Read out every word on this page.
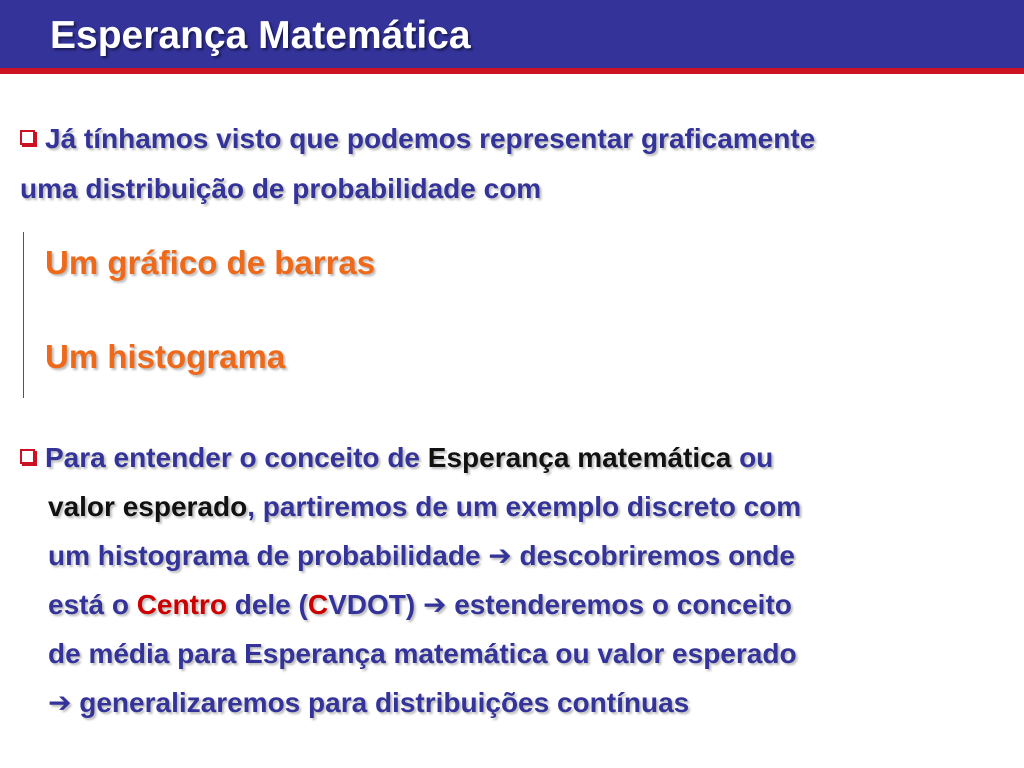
Esperança Matemática

Já tínhamos visto que podemos representar graficamente
uma distribuição de probabilidade com

Um gráfico de barras

Um histograma

Para entender o conceito de Esperança matemática ou
valor esperado, partiremos de um exemplo discreto com
um histograma de probabilidade ➔ descobriremos onde
está o Centro dele (CVDOT) ➔ estenderemos o conceito
de média para Esperança matemática ou valor esperado
➔ generalizaremos para distribuições contínuas
